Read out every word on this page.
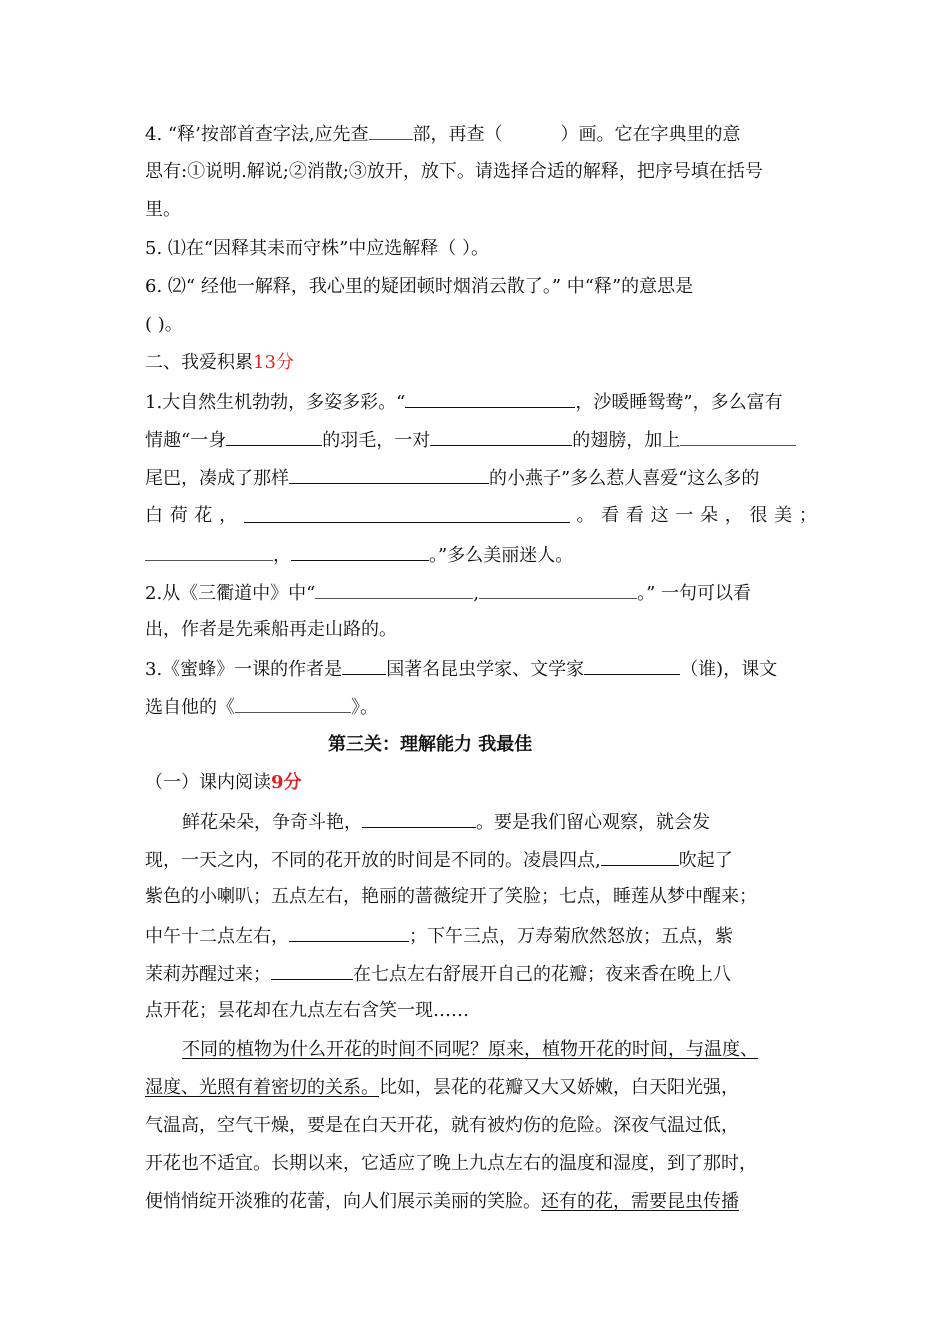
4. “释’按部首查字法,应先查 部，再查（	）画。它在字典里的意
思有:①说明.解说;②消散;③放开，放下。请选择合适的解释，把序号填在括号
里。
5. ⑴在“因释其耒而守株”中应选解释（ ）。
6. ⑵“ 经他一解释，我心里的疑团顿时烟消云散了。” 中“释”的意思是
( )。
二、我爱积累13分
1.大自然生机勃勃，多姿多彩。“	，沙暖睡鸳鸯”，多么富有
情趣“一身	的羽毛，一对	的翅膀，加上
尾巴，凑成了那样	的小燕子”多么惹人喜爱“这么多的
白 荷 花 ，	。 看 看 这 一 朵 ， 很 美 ；
，	。”多么美丽迷人。
2.从《三衢道中》中“	,	。” 一句可以看
出，作者是先乘船再走山路的。
3.《蜜蜂》一课的作者是 国著名昆虫学家、文学家	（谁)，课文
选自他的《	》。
第三关：理解能力 我最佳
（一）课内阅读9分
鲜花朵朵，争奇斗艳，	。要是我们留心观察，就会发
现，一天之内，不同的花开放的时间是不同的。凌晨四点,	吹起了
紫色的小喇叭；五点左右，艳丽的蔷薇绽开了笑脸；七点，睡莲从梦中醒来；
中午十二点左右，	；下午三点，万寿菊欣然怒放；五点，紫
茉莉苏醒过来；	在七点左右舒展开自己的花瓣；夜来香在晚上八
点开花；昙花却在九点左右含笑一现……
不同的植物为什么开花的时间不同呢？原来，植物开花的时间，与温度、
湿度、光照有着密切的关系。比如，昙花的花瓣又大又娇嫩，白天阳光强，
气温高，空气干燥，要是在白天开花，就有被灼伤的危险。深夜气温过低，
开花也不适宜。长期以来，它适应了晚上九点左右的温度和湿度，到了那时，
便悄悄绽开淡雅的花蕾，向人们展示美丽的笑脸。还有的花，需要昆虫传播
